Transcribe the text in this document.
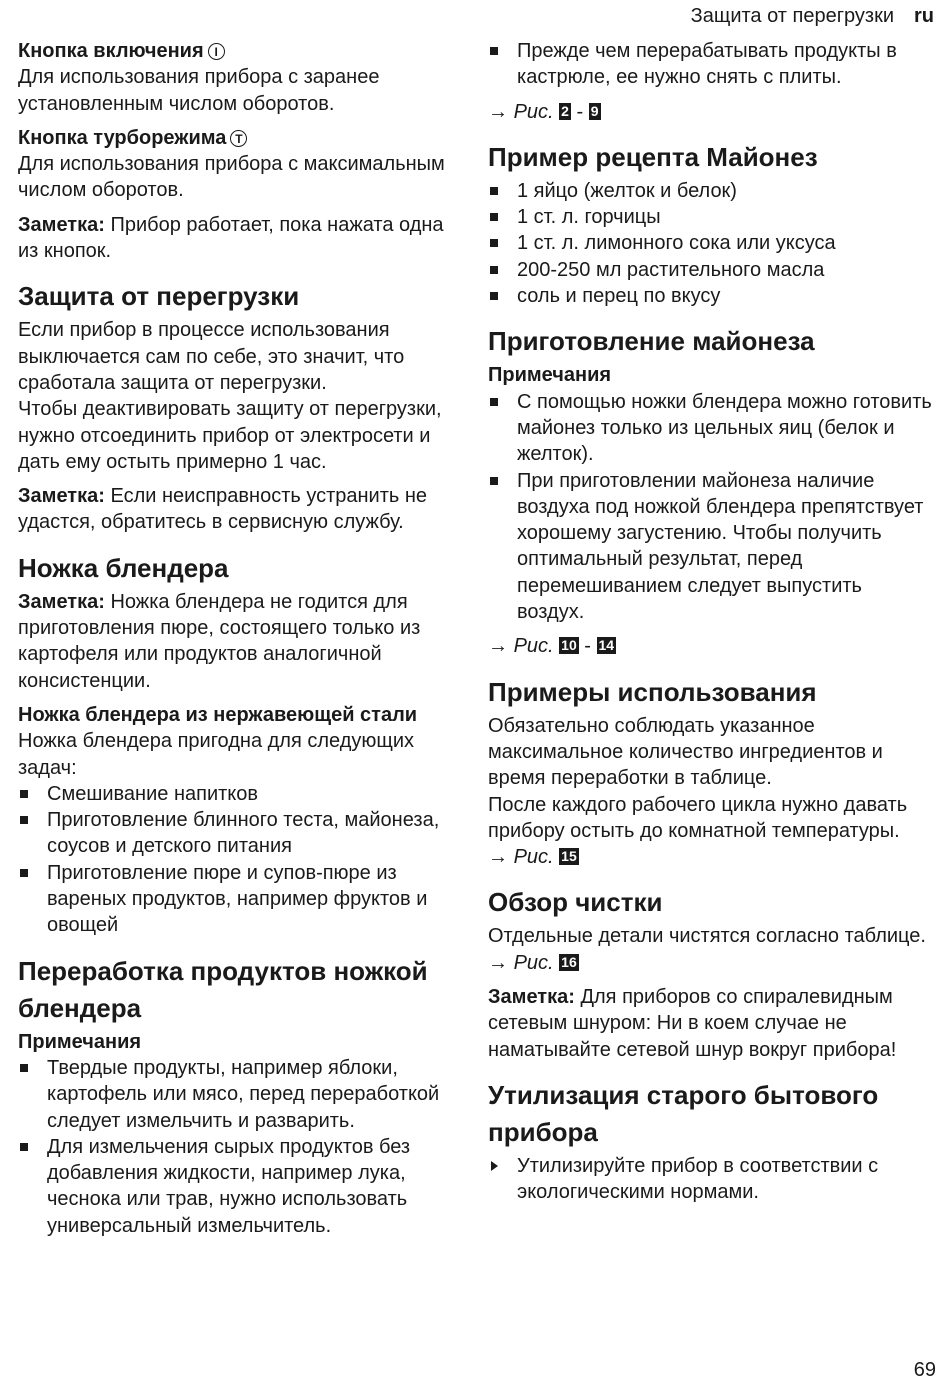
Защита от перегрузки ru

Кнопка включения I

Для использования прибора с заранее установленным числом оборотов.

Кнопка турборежима T

Для использования прибора с максимальным числом оборотов.

Заметка: Прибор работает, пока нажата одна из кнопок.

Защита от перегрузки

Если прибор в процессе использования выключается сам по себе, это значит, что сработала защита от перегрузки.

Чтобы деактивировать защиту от перегрузки, нужно отсоединить прибор от электросети и дать ему остыть примерно 1 час.

Заметка: Если неисправность устранить не удастся, обратитесь в сервисную службу.

Ножка блендера

Заметка: Ножка блендера не годится для приготовления пюре, состоящего только из картофеля или продуктов аналогичной консистенции.

Ножка блендера из нержавеющей стали

Ножка блендера пригодна для следующих задач:

Смешивание напитков
Приготовление блинного теста, майонеза, соусов и детского питания
Приготовление пюре и супов-пюре из вареных продуктов, например фруктов и овощей
Переработка продуктов ножкой блендера

Примечания

Твердые продукты, например яблоки, картофель или мясо, перед переработкой следует измельчить и разварить.
Для измельчения сырых продуктов без добавления жидкости, например лука, чеснока или трав, нужно использовать универсальный измельчитель.
Прежде чем перерабатывать продукты в кастрюле, ее нужно снять с плиты.

→ Рис. 2 - 9

Пример рецепта Майонез
1 яйцо (желток и белок)
1 ст. л. горчицы
1 ст. л. лимонного сока или уксуса
200-250 мл растительного масла
соль и перец по вкусу
Приготовление майонеза

Примечания

С помощью ножки блендера можно готовить майонез только из цельных яиц (белок и желток).
При приготовлении майонеза наличие воздуха под ножкой блендера препятствует хорошему загустению. Чтобы получить оптимальный результат, перед перемешиванием следует выпустить воздух.

→ Рис. 10 - 14

Примеры использования

Обязательно соблюдать указанное максимальное количество ингредиентов и время переработки в таблице.

После каждого рабочего цикла нужно давать прибору остыть до комнатной температуры.

→ Рис. 15

Обзор чистки

Отдельные детали чистятся согласно таблице.

→ Рис. 16

Заметка: Для приборов со спиралевидным сетевым шнуром: Ни в коем случае не наматывайте сетевой шнур вокруг прибора!

Утилизация старого бытового прибора
Утилизируйте прибор в соответствии с экологическими нормами.
69
